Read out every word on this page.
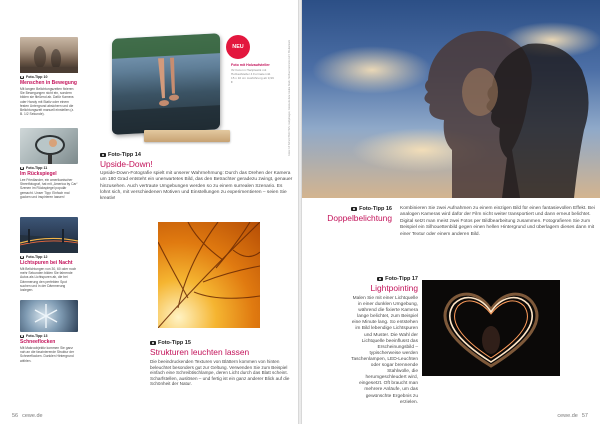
Foto-Tipp 10
Menschen in Bewegung
Mit langen Belichtungszeiten fixieren Sie Bewegungen nicht ein, sondern bilden sie fließend ab. Dafür Kamera oder Handy mit Stativ oder einem festen Untergrund absichern und die Belichtungszeit manuell einstellen (z. B. 1/2 Sekunde).
Foto-Tipp 11
Im Rückspiegel
Lee Friedlander, ein amerikanischer Streetfotograf, hat mit „America by Car“ Szenen im Rückspiegel populär gemacht. Unser Tipp: Einfach mal gucken und inspirieren lassen!
Foto-Tipp 12
Lichtspuren bei Nacht
Mit Belichtungen von 30, 60 oder noch mehr Sekunden bilden Sie fahrende Autos als Lichtspuren ab, die bei Dämmerung den perfekten Spot suchen und in der Dämmerung loslegen.
Foto-Tipp 13
Schneeflocken
Mit Makroobjektiv kommen Sie ganz nah an die faszinierende Struktur der Schneeflocken. Dunklen Hintergrund wählen.
NEU
Foto mit Holzaufsteller
Ihr Foto im Hartplastik mit Holzaufsteller 4 Formate inkl. 15 x 10 cm Ausführung ab 9,99 €
Foto-Tipp 14
Upside-Down!
Upside-Down-Fotografie spielt mit unserer Wahrnehmung: Durch das Drehen der Kamera um 180 Grad entsteht ein unerwartetes Bild, das den Betrachter geradezu zwingt, genauer hinzusehen. Auch vertraute Umgebungen werden so zu einem surrealen Szenario. Es lohnt sich, mit verschiedenen Motiven und Einstellungen zu experimentieren – seien Sie kreativ!
Foto-Tipp 15
Strukturen leuchten lassen
Die beeindruckenden Texturen von Blättern kommen von hinten beleuchtet besonders gut zur Geltung. Verwenden Sie zum Beispiel einfach eine Schreibtischlampe, deren Licht durch das Blatt scheint. Scharfstellen, auslösen – und fertig ist ein ganz anderer Blick auf die Schönheit der Natur.
56 cewe.de
Fotos: Ulf Schulz/TASCHEN; Gettyimages; fotostudio bzw. Adobe Stock; Michael Rennertz-Kuhl; Shutterstock
Foto-Tipp 16
Doppelbelichtung
Kombinieren Sie zwei Aufnahmen zu einem einzigen Bild für einen fantasievollen Effekt. Bei analogen Kameras wird dafür der Film nicht weiter transportiert und dann erneut belichtet. Digital setzt man meist zwei Fotos per Bildbearbeitung zusammen. Fotografieren Sie zum Beispiel ein Silhouettenbild gegen einen hellen Hintergrund und überlagern dieses dann mit einer Textur oder einem anderen Bild.
Foto-Tipp 17
Lightpointing
Malen Sie mit einer Lichtquelle in einer dunklen Umgebung, während die fixierte Kamera lange belichtet, zum Beispiel eine Minute lang. So entstehen im Bild lebendige Lichtspuren und Muster. Die Wahl der Lichtquelle beeinflusst das Erscheinungsbild – typischerweise werden Taschenlampen, LED-Leuchten oder sogar brennende Stahlwolle, die herumgeschleudert wird, eingesetzt. Oft braucht man mehrere Anläufe, um das gewünschte Ergebnis zu erzielen.
cewe.de 57
